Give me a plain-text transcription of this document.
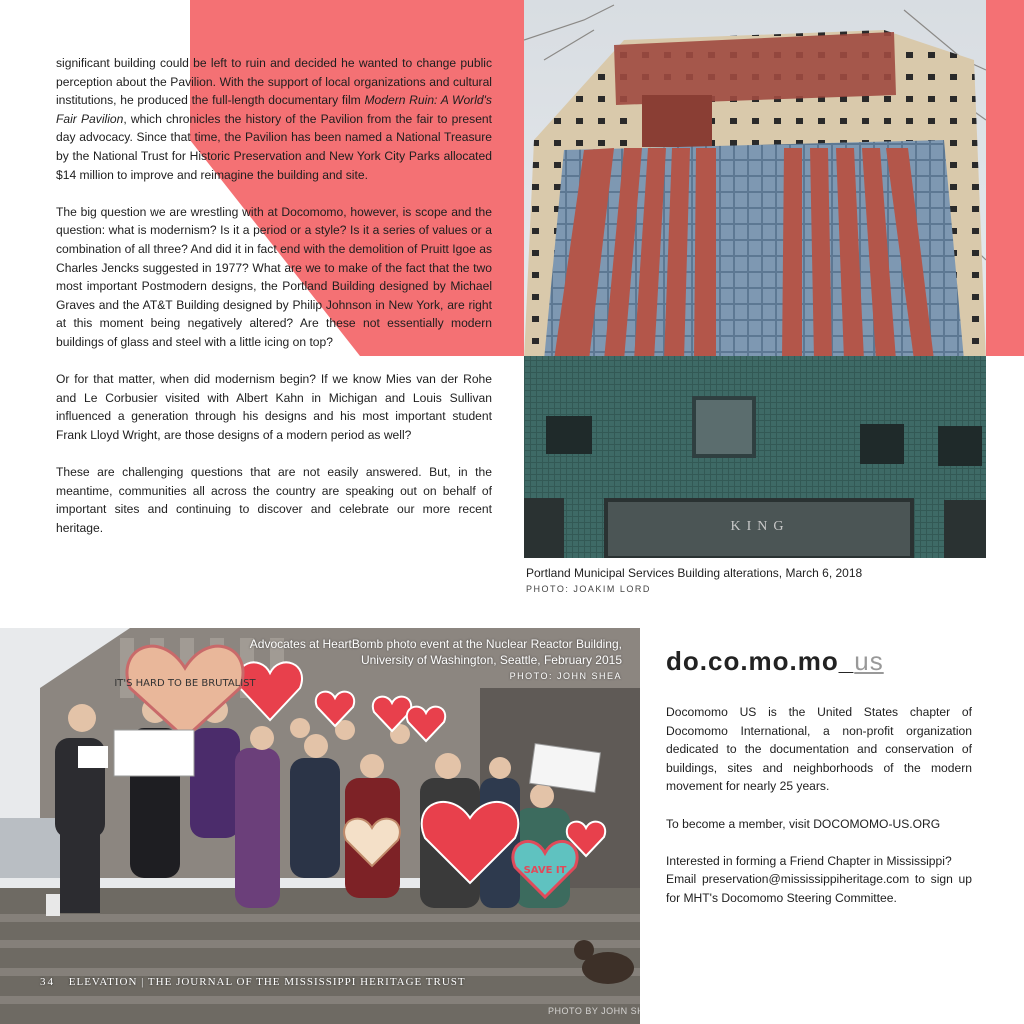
significant building could be left to ruin and decided he wanted to change public perception about the Pavilion. With the support of local organizations and cultural institutions, he produced the full-length documentary film Modern Ruin: A World's Fair Pavilion, which chronicles the history of the Pavilion from the fair to present day advocacy. Since that time, the Pavilion has been named a National Treasure by the National Trust for Historic Preservation and New York City Parks allocated $14 million to improve and reimagine the building and site.

The big question we are wrestling with at Docomomo, however, is scope and the question: what is modernism? Is it a period or a style? Is it a series of values or a combination of all three? And did it in fact end with the demolition of Pruitt Igoe as Charles Jencks suggested in 1977? What are we to make of the fact that the two most important Postmodern designs, the Portland Building designed by Michael Graves and the AT&T Building designed by Philip Johnson in New York, are right at this moment being negatively altered? Are these not essentially modern buildings of glass and steel with a little icing on top?

Or for that matter, when did modernism begin? If we know Mies van der Rohe and Le Corbusier visited with Albert Kahn in Michigan and Louis Sullivan influenced a generation through his designs and his most important student Frank Lloyd Wright, are those designs of a modern period as well?

These are challenging questions that are not easily answered. But, in the meantime, communities all across the country are speaking out on behalf of important sites and continuing to discover and celebrate our more recent heritage.	KING
Portland Municipal Services Building alterations, March 6, 2018
PHOTO: JOAKIM LORD
IT'S HARD TO BE BRUTALIST
SAVE IT
Advocates at HeartBomb photo event at the Nuclear Reactor Building,
University of Washington, Seattle, February 2015
PHOTO: JOHN SHEA
34 ELEVATION | THE JOURNAL OF THE MISSISSIPPI HERITAGE TRUST
PHOTO BY JOHN SHEA
do.co.mo.mo_us

Docomomo US is the United States chapter of Docomomo International, a non-profit organization dedicated to the documentation and conservation of buildings, sites and neighborhoods of the modern movement for nearly 25 years.

To become a member, visit DOCOMOMO-US.ORG

Interested in forming a Friend Chapter in Mississippi?
Email preservation@mississippiheritage.com to sign up for MHT's Docomomo Steering Committee.
